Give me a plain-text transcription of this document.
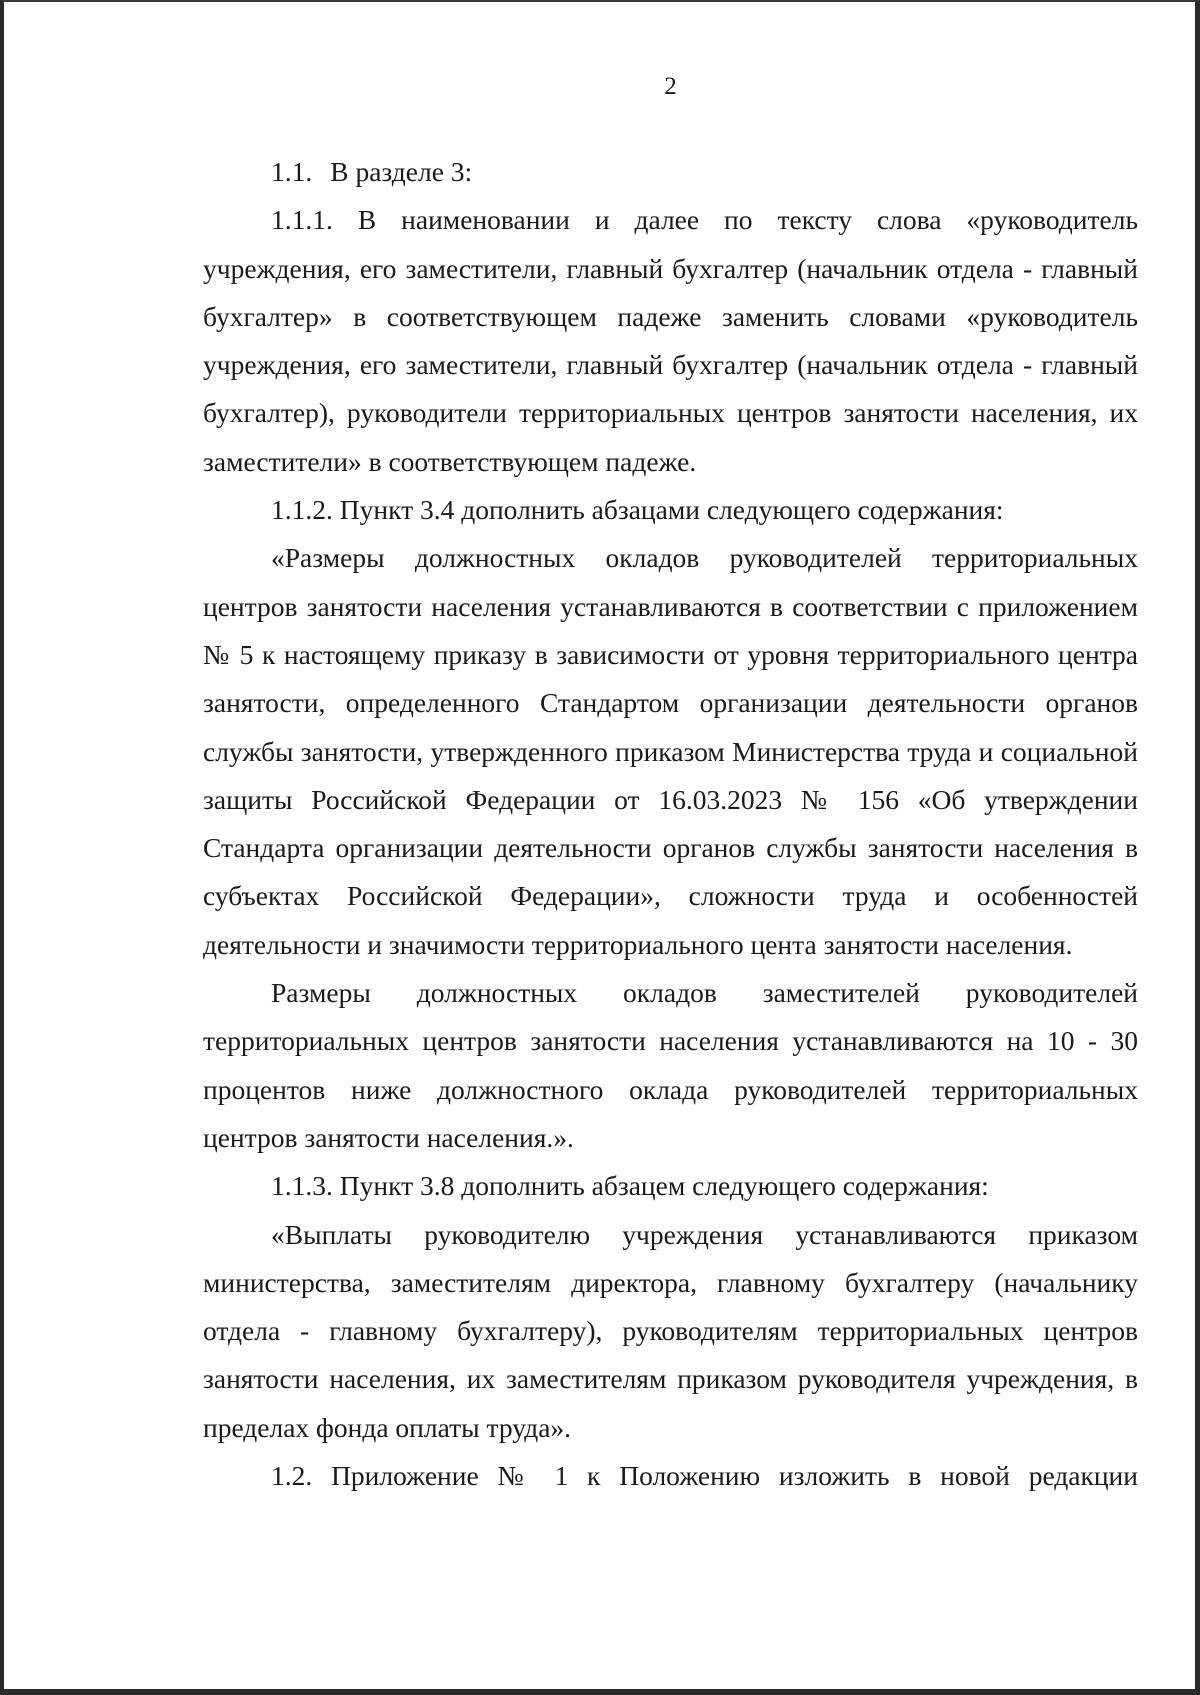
2

1.1. В разделе 3:

1.1.1. В наименовании и далее по тексту слова «руководитель учреждения, его заместители, главный бухгалтер (начальник отдела - главный бухгалтер» в соответствующем падеже заменить словами «руководитель учреждения, его заместители, главный бухгалтер (начальник отдела - главный бухгалтер), руководители территориальных центров занятости населения, их заместители» в соответствующем падеже.

1.1.2. Пункт 3.4 дополнить абзацами следующего содержания:

«Размеры должностных окладов руководителей территориальных центров занятости населения устанавливаются в соответствии с приложением № 5 к настоящему приказу в зависимости от уровня территориального центра занятости, определенного Стандартом организации деятельности органов службы занятости, утвержденного приказом Министерства труда и социальной защиты Российской Федерации от 16.03.2023 № 156 «Об утверждении Стандарта организации деятельности органов службы занятости населения в субъектах Российской Федерации», сложности труда и особенностей деятельности и значимости территориального цента занятости населения.

Размеры должностных окладов заместителей руководителей территориальных центров занятости населения устанавливаются на 10 - 30 процентов ниже должностного оклада руководителей территориальных центров занятости населения.».

1.1.3. Пункт 3.8 дополнить абзацем следующего содержания:

«Выплаты руководителю учреждения устанавливаются приказом министерства, заместителям директора, главному бухгалтеру (начальнику отдела - главному бухгалтеру), руководителям территориальных центров занятости населения, их заместителям приказом руководителя учреждения, в пределах фонда оплаты труда».

1.2. Приложение № 1 к Положению изложить в новой редакции
